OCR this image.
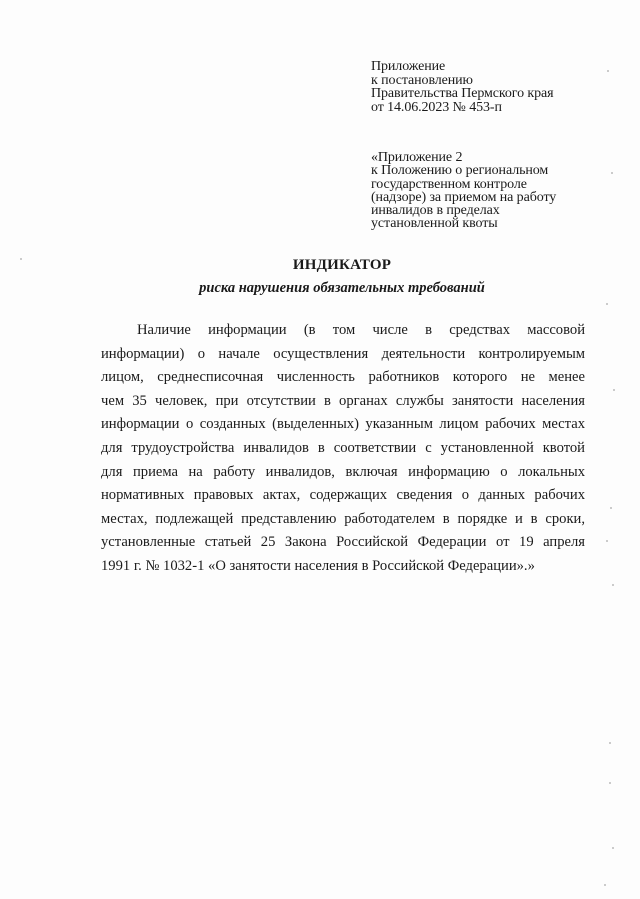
Приложение
к постановлению
Правительства Пермского края
от 14.06.2023 № 453-п
«Приложение 2
к Положению о региональном
государственном контроле
(надзоре) за приемом на работу
инвалидов в пределах
установленной квоты
ИНДИКАТОР
риска нарушения обязательных требований
Наличие информации (в том числе в средствах массовой
информации) о начале осуществления деятельности контролируемым
лицом, среднесписочная численность работников которого не менее
чем 35 человек, при отсутствии в органах службы занятости населения
информации о созданных (выделенных) указанным лицом рабочих местах
для трудоустройства инвалидов в соответствии с установленной квотой
для приема на работу инвалидов, включая информацию о локальных
нормативных правовых актах, содержащих сведения о данных рабочих
местах, подлежащей представлению работодателем в порядке и в сроки,
установленные статьей 25 Закона Российской Федерации от 19 апреля
1991 г. № 1032-1 «О занятости населения в Российской Федерации».»
